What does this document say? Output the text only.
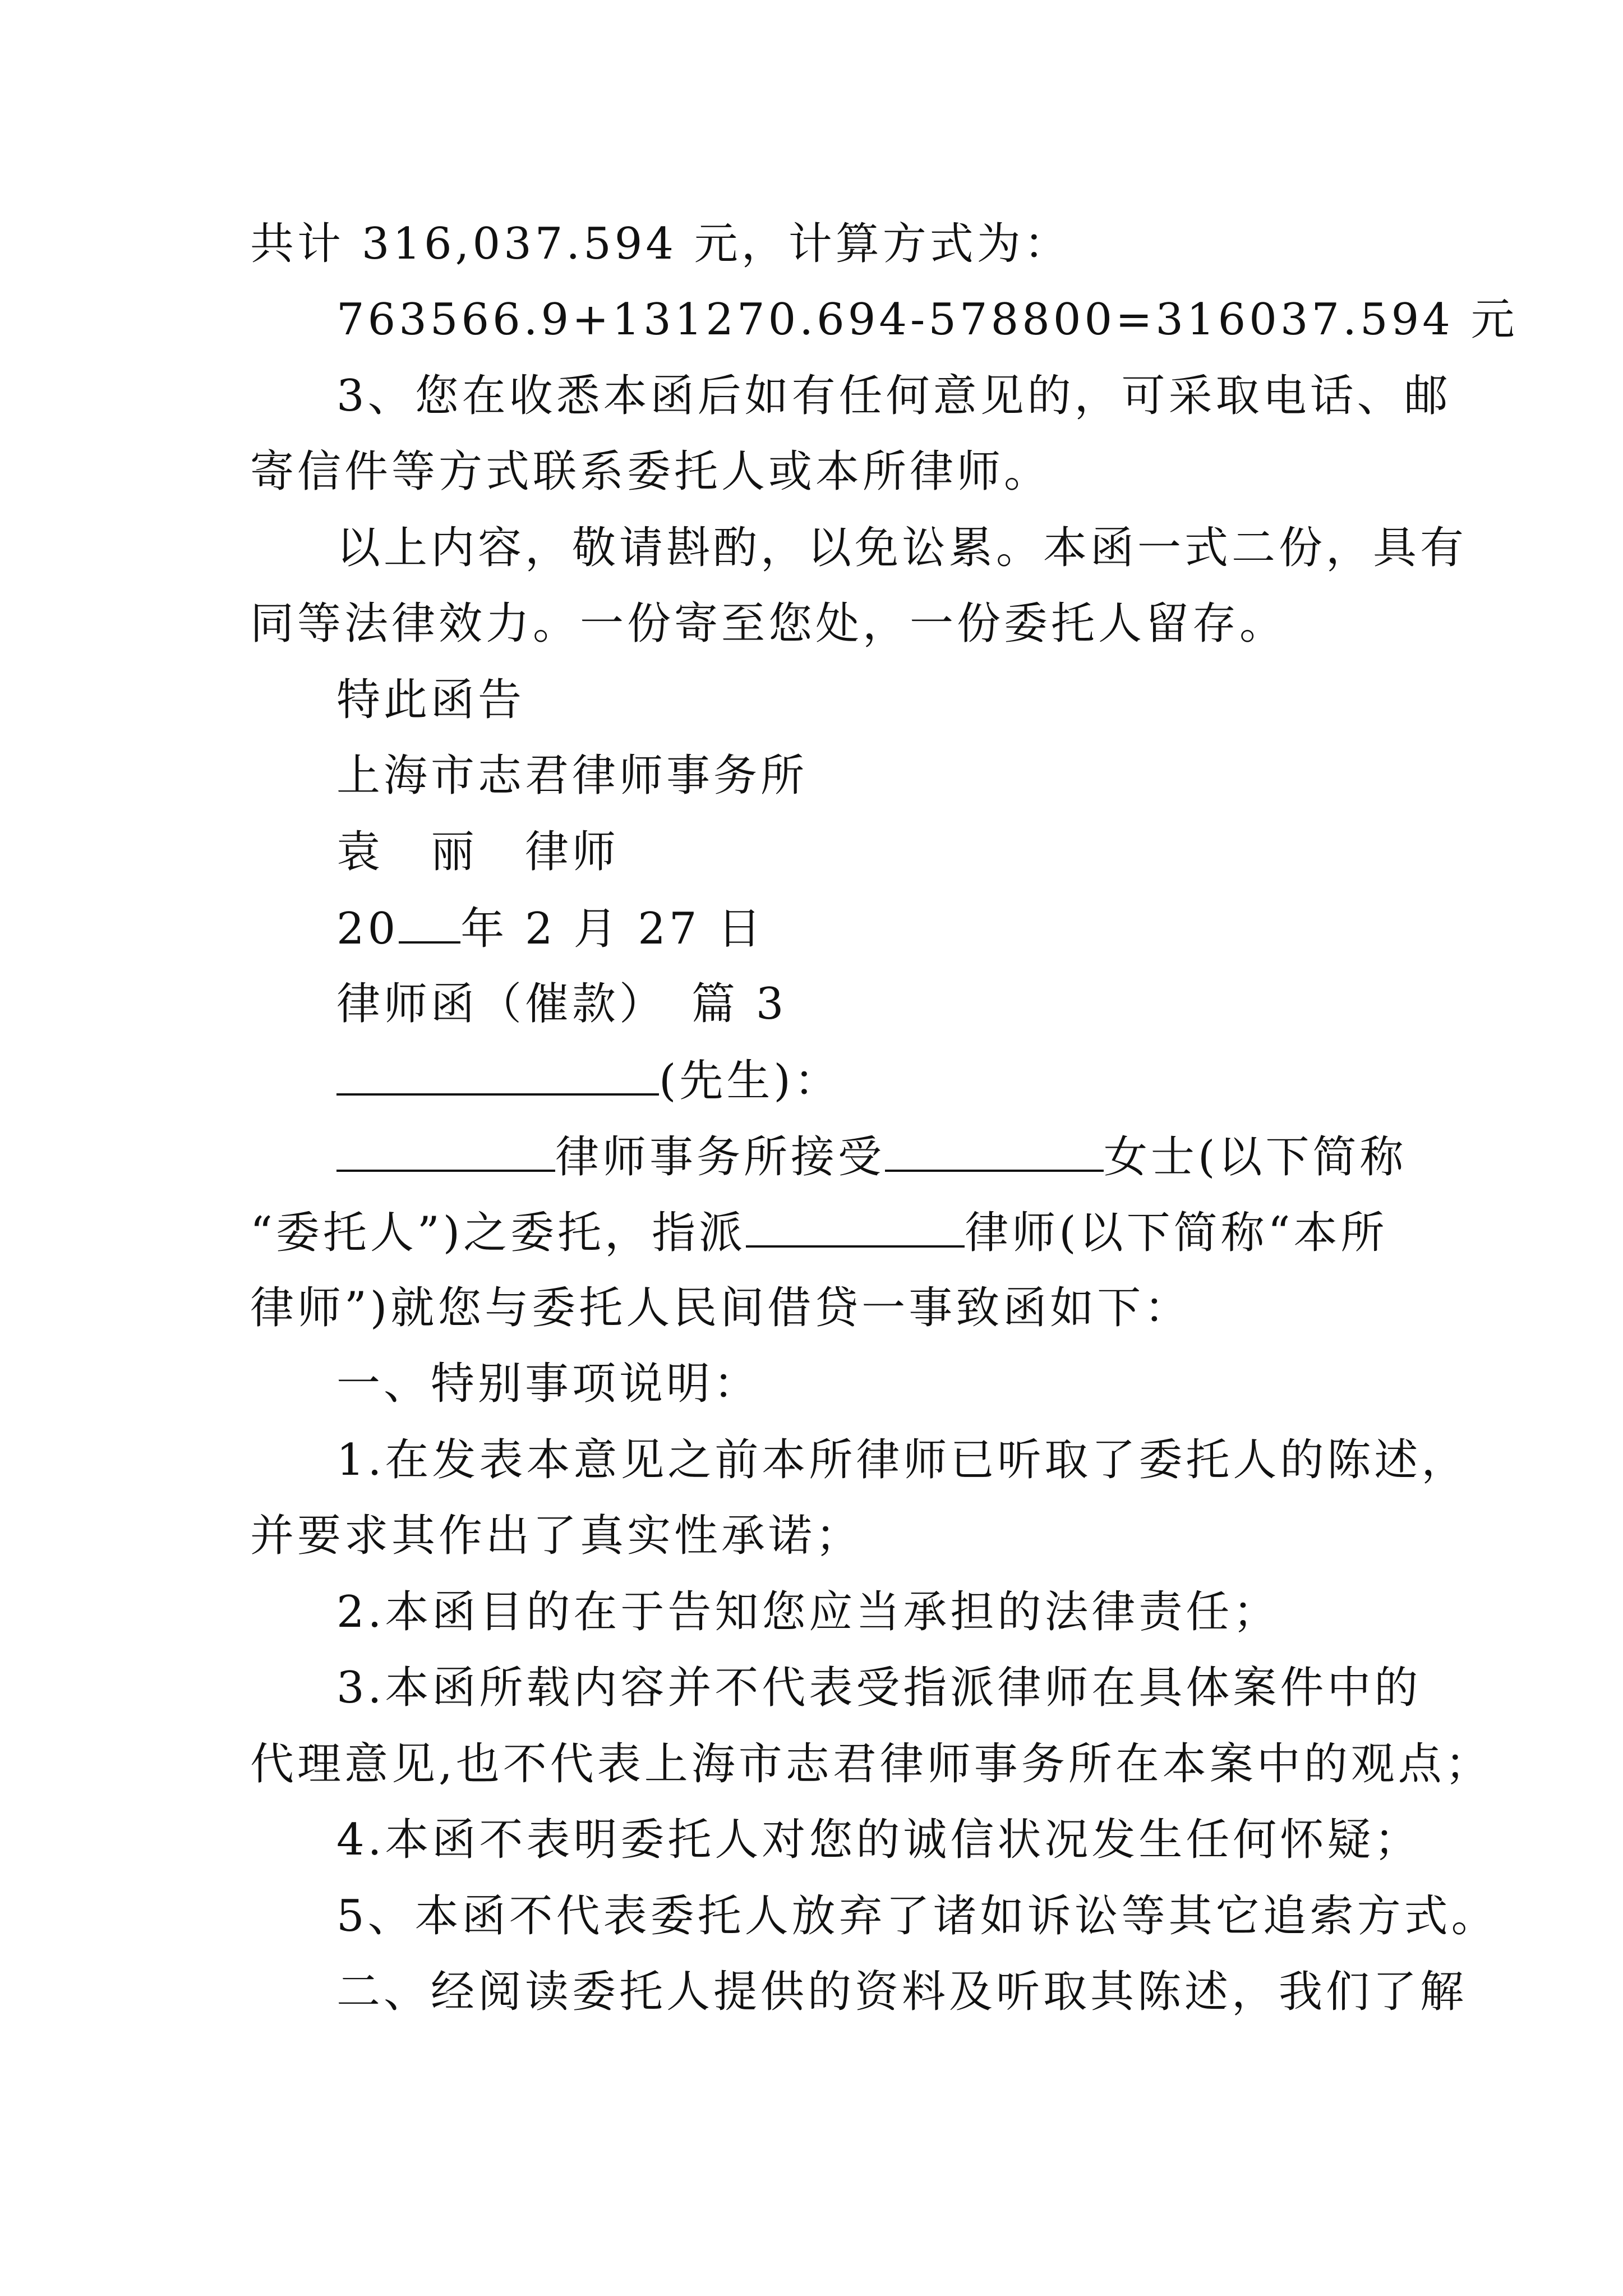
共计 316,037.594 元，计算方式为：
763566.9+131270.694-578800=316037.594 元
3、您在收悉本函后如有任何意见的，可采取电话、邮
寄信件等方式联系委托人或本所律师。
以上内容，敬请斟酌，以免讼累。本函一式二份，具有
同等法律效力。一份寄至您处，一份委托人留存。
特此函告
上海市志君律师事务所
袁　丽　律师
20 年 2 月 27 日
律师函（催款）　篇 3
(先生)：
律师事务所接受	女士(以下简称
“委托人”)之委托，指派	律师(以下简称“本所
律师”)就您与委托人民间借贷一事致函如下：
一、特别事项说明：
1.在发表本意见之前本所律师已听取了委托人的陈述，
并要求其作出了真实性承诺；
2.本函目的在于告知您应当承担的法律责任；
3.本函所载内容并不代表受指派律师在具体案件中的
代理意见,也不代表上海市志君律师事务所在本案中的观点；
4.本函不表明委托人对您的诚信状况发生任何怀疑；
5、本函不代表委托人放弃了诸如诉讼等其它追索方式。
二、经阅读委托人提供的资料及听取其陈述，我们了解
